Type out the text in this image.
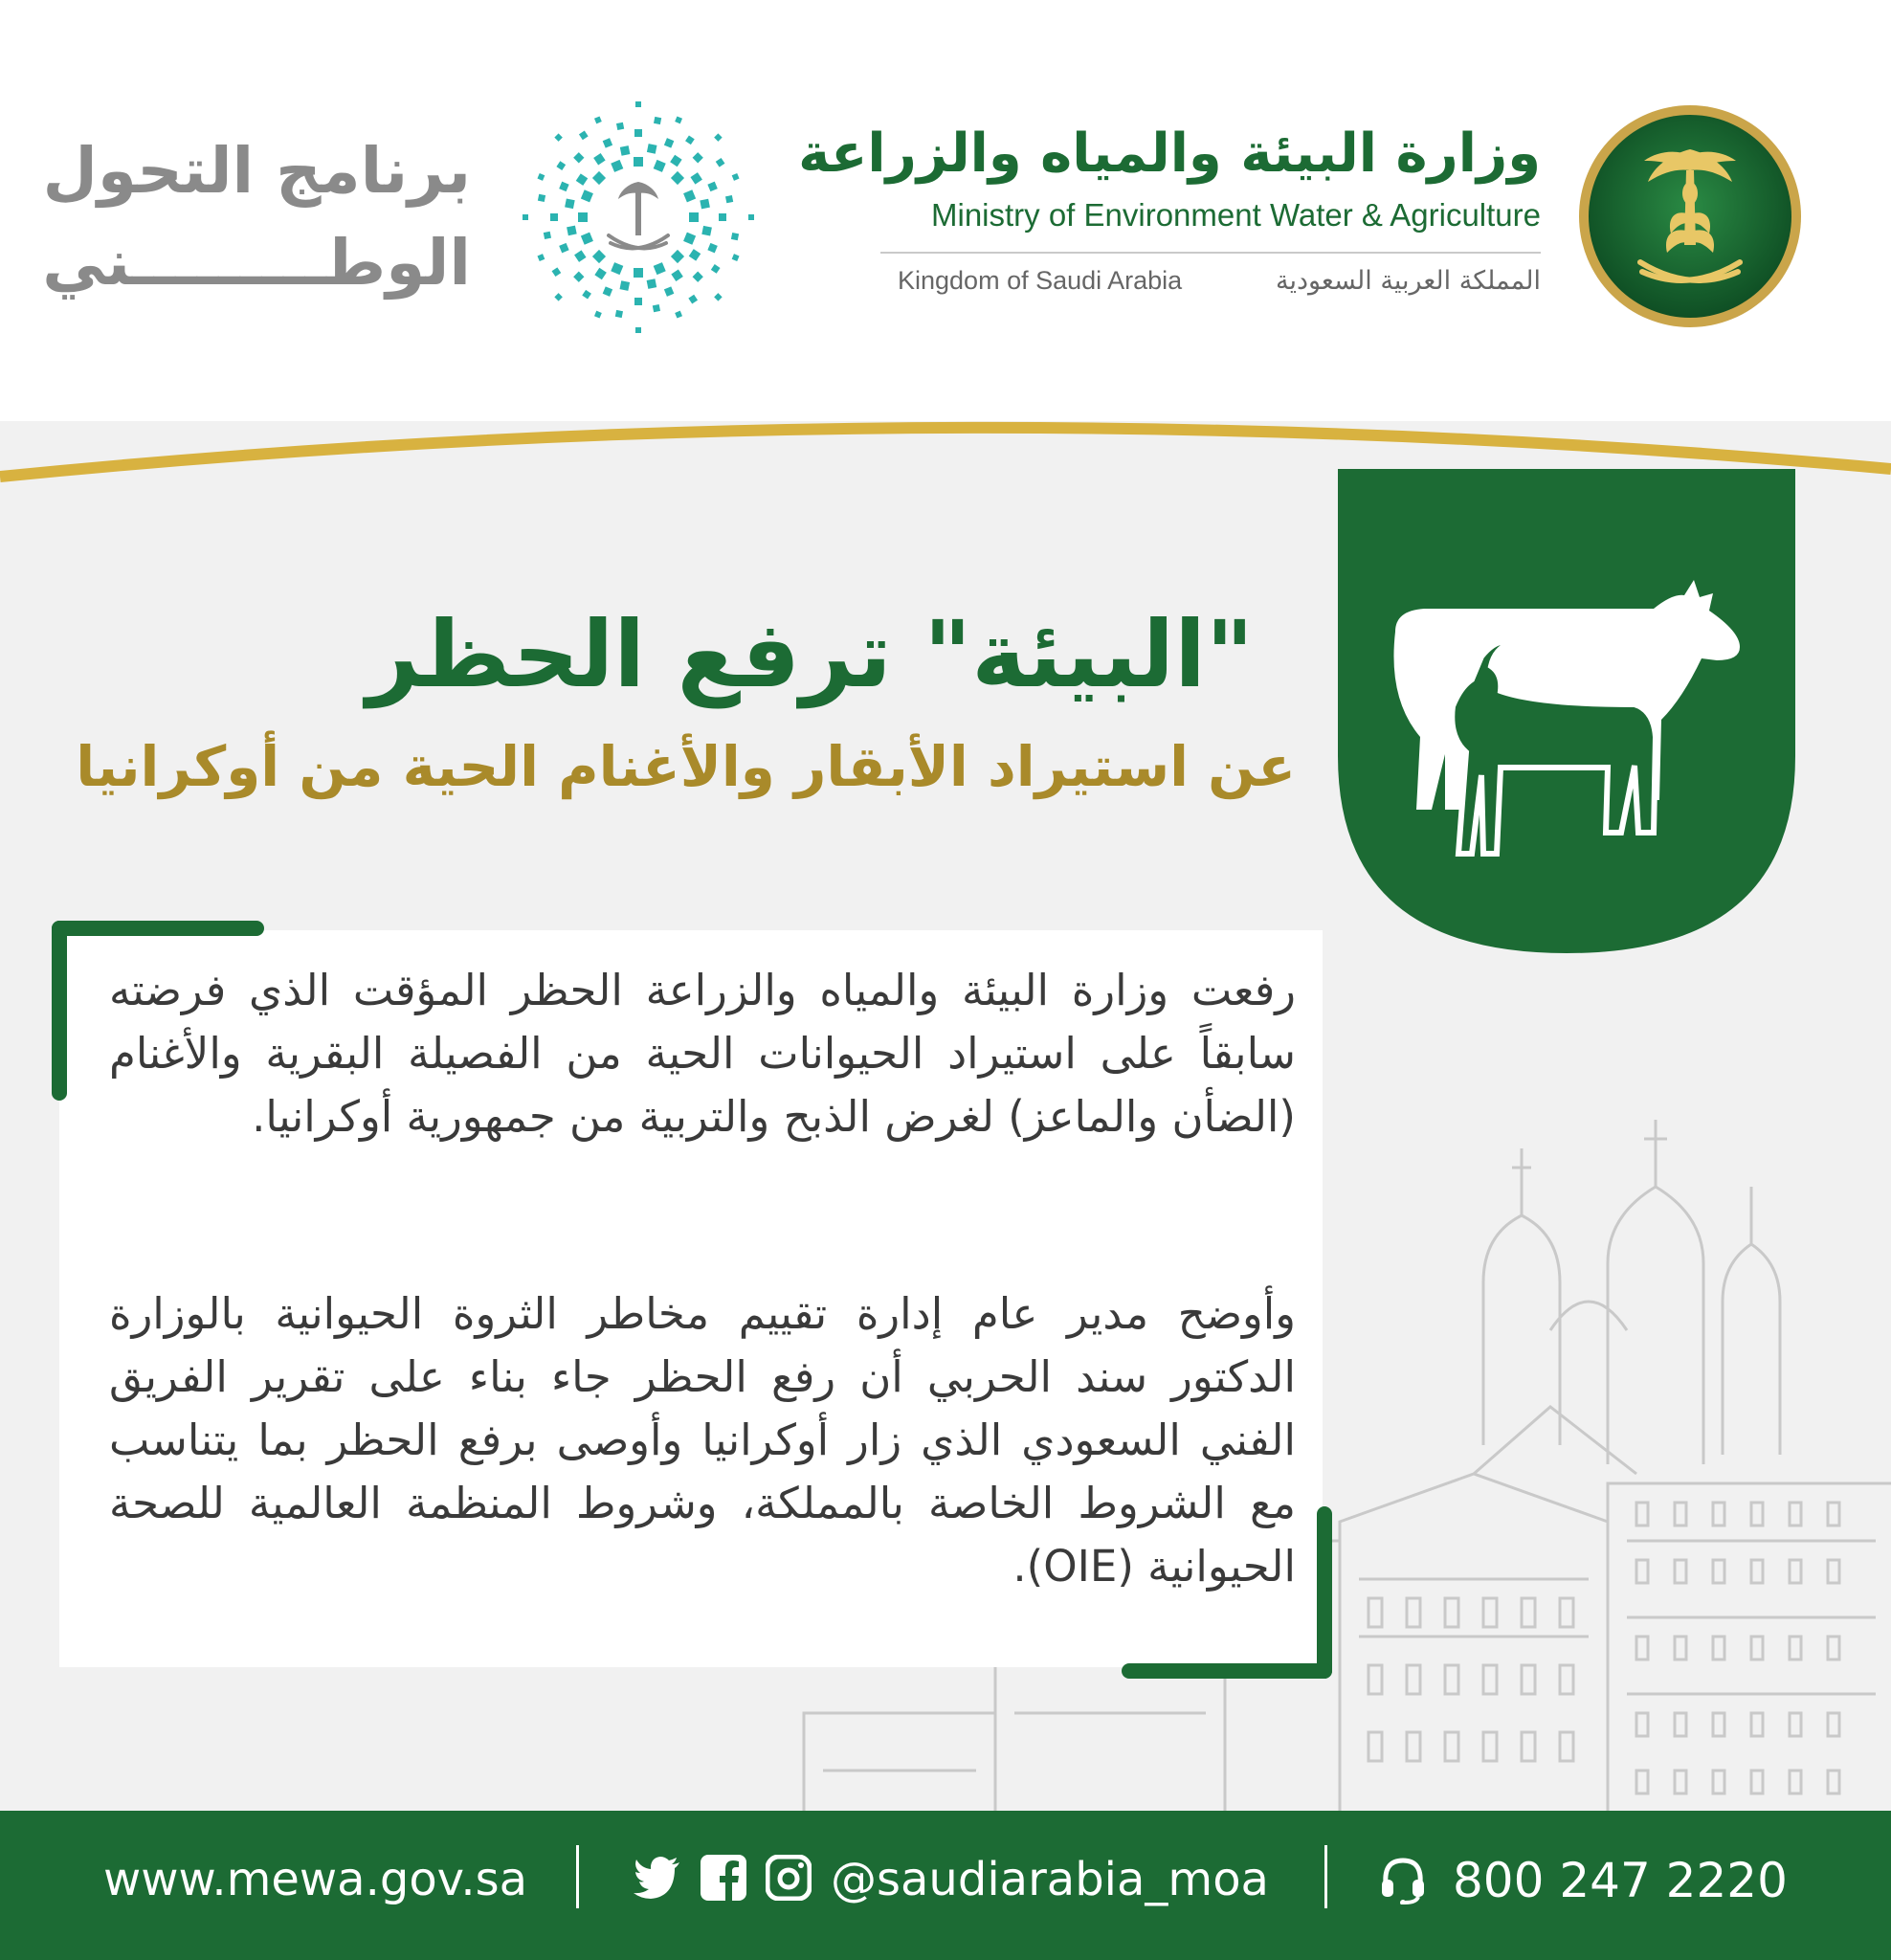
وزارة البيئة والمياه والزراعة
Ministry of Environment Water & Agriculture
Kingdom of Saudi Arabia	المملكة العربية السعودية
برنامج التحول
الوطـــــــــني
"البيئة" ترفع الحظر
عن استيراد الأبقار والأغنام الحية من أوكرانيا
رفعت وزارة البيئة والمياه والزراعة الحظر المؤقت الذي فرضته سابقاً على استيراد الحيوانات الحية من الفصيلة البقرية والأغنام (الضأن والماعز) لغرض الذبح والتربية من جمهورية أوكرانيا.
وأوضح مدير عام إدارة تقييم مخاطر الثروة الحيوانية بالوزارة الدكتور سند الحربي أن رفع الحظر جاء بناء على تقرير الفريق الفني السعودي الذي زار أوكرانيا وأوصى برفع الحظر بما يتناسب مع الشروط الخاصة بالمملكة، وشروط المنظمة العالمية للصحة الحيوانية (OIE).
www.mewa.gov.sa	@saudiarabia_moa	800 247 2220
